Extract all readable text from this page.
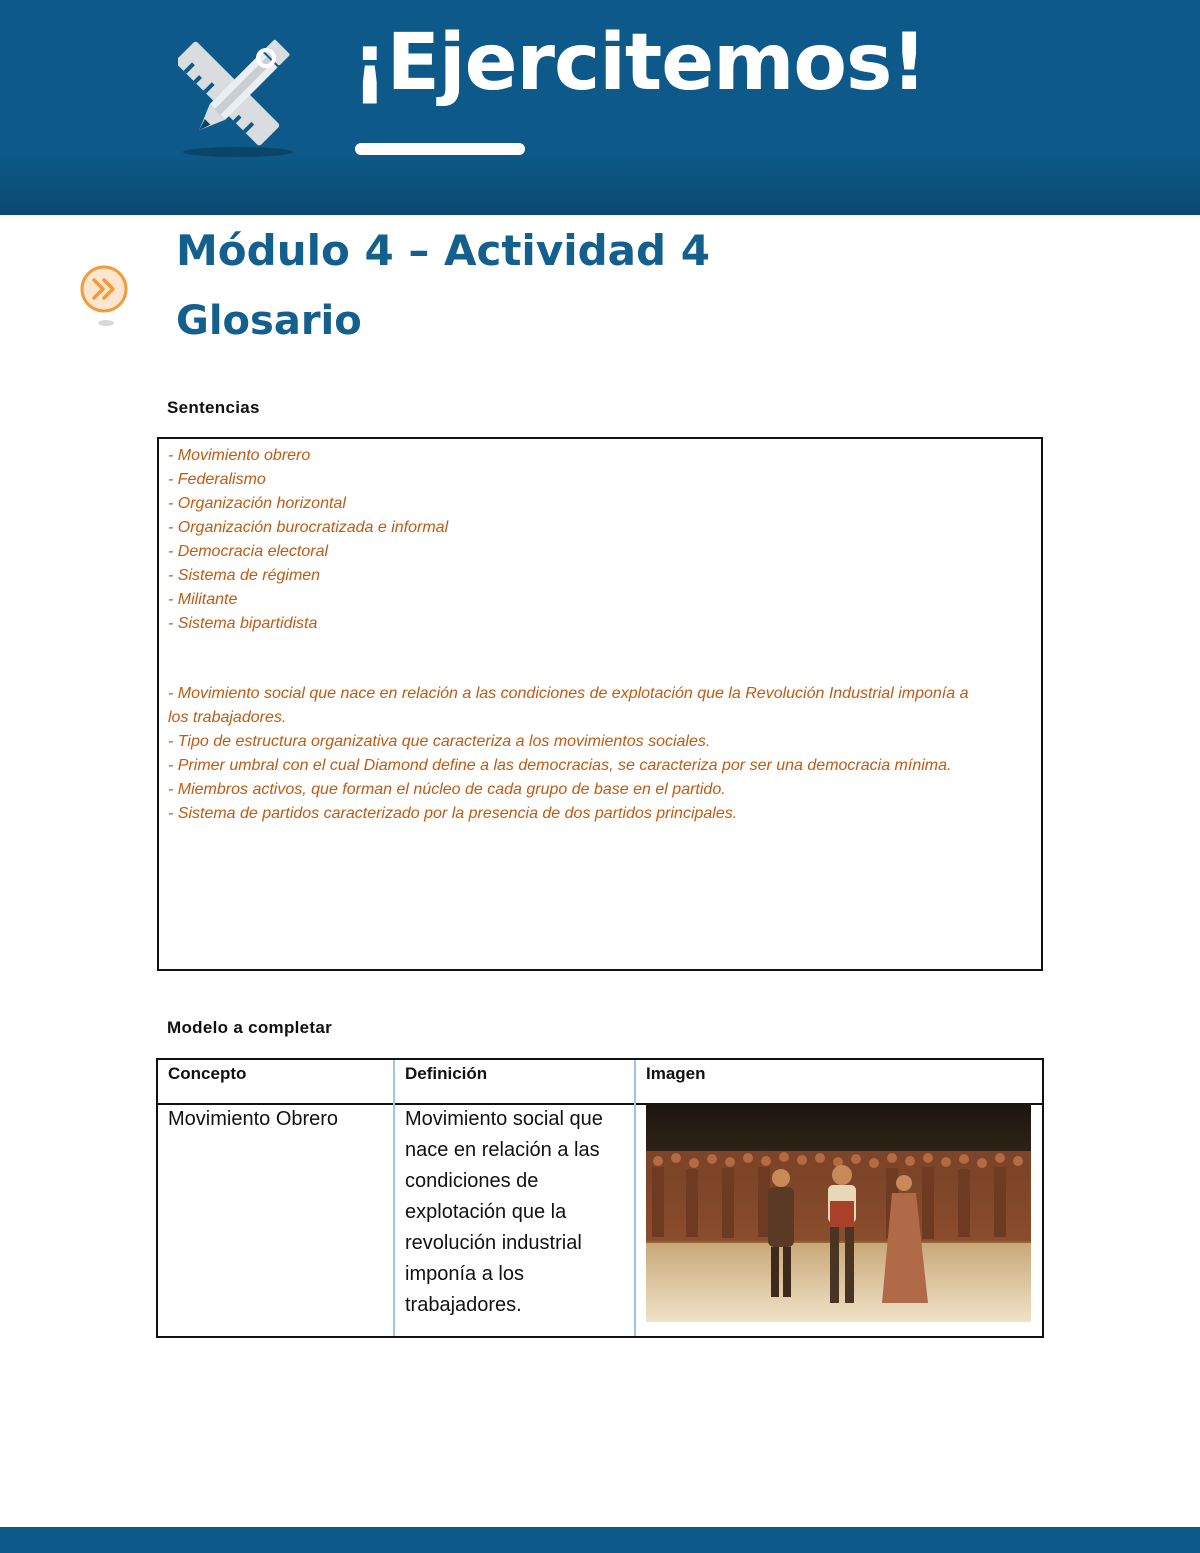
¡Ejercitemos!
Módulo 4 – Actividad 4
Glosario

Sentencias

- Movimiento obrero
- Federalismo
- Organización horizontal
- Organización burocratizada e informal
- Democracia electoral
- Sistema de régimen
- Militante
- Sistema bipartidista
- Movimiento social que nace en relación a las condiciones de explotación que la Revolución Industrial imponía a los trabajadores.
- Tipo de estructura organizativa que caracteriza a los movimientos sociales.
- Primer umbral con el cual Diamond define a las democracias, se caracteriza por ser una democracia mínima.
- Miembros activos, que forman el núcleo de cada grupo de base en el partido.
- Sistema de partidos caracterizado por la presencia de dos partidos principales.

Modelo a completar

Concepto	Definición	Imagen

Movimiento Obrero	Movimiento social que nace en relación a las condiciones de explotación que la revolución industrial imponía a los trabajadores.
